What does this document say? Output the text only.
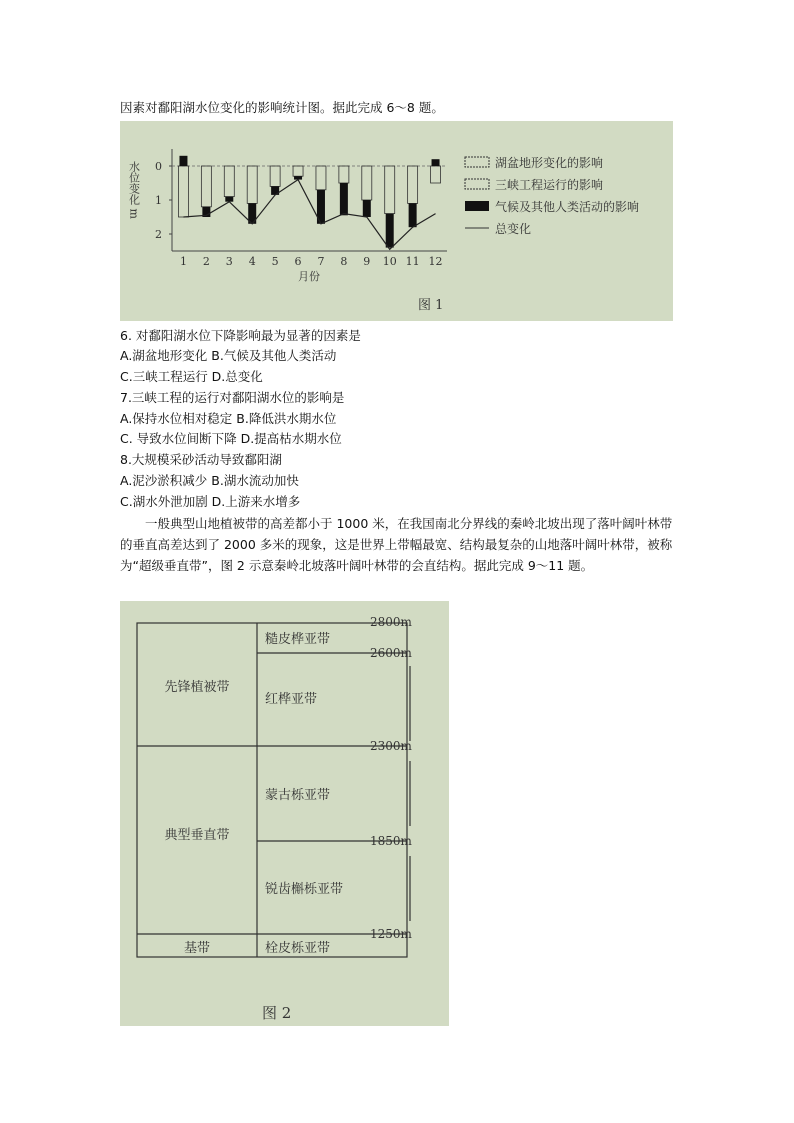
因素对鄱阳湖水位变化的影响统计图。据此完成 6～8 题。
0
1
2
水位变化 m
1 2 3 4 5 6 7 8 9 10 11 12
月份
湖盆地形变化的影响
三峡工程运行的影响
气候及其他人类活动的影响
总变化
图 1
6. 对鄱阳湖水位下降影响最为显著的因素是
A.湖盆地形变化 B.气候及其他人类活动
C.三峡工程运行 D.总变化
7.三峡工程的运行对鄱阳湖水位的影响是
A.保持水位相对稳定 B.降低洪水期水位
C. 导致水位间断下降 D.提高枯水期水位
8.大规模采砂活动导致鄱阳湖
A.泥沙淤积减少 B.湖水流动加快
C.湖水外泄加剧 D.上游来水增多
一般典型山地植被带的高差都小于 1000 米，在我国南北分界线的秦岭北坡出现了落叶阔叶林带的垂直高差达到了 2000 多米的现象，这是世界上带幅最宽、结构最复杂的山地落叶阔叶林带，被称为“超级垂直带”，图 2 示意秦岭北坡落叶阔叶林带的会直结构。据此完成 9～11 题。
先锋植被带
典型垂直带
基带
糙皮桦亚带
红桦亚带
蒙古栎亚带
锐齿槲栎亚带
栓皮栎亚带
2800m
2600m
2300m
1850m
1250m
图 2
